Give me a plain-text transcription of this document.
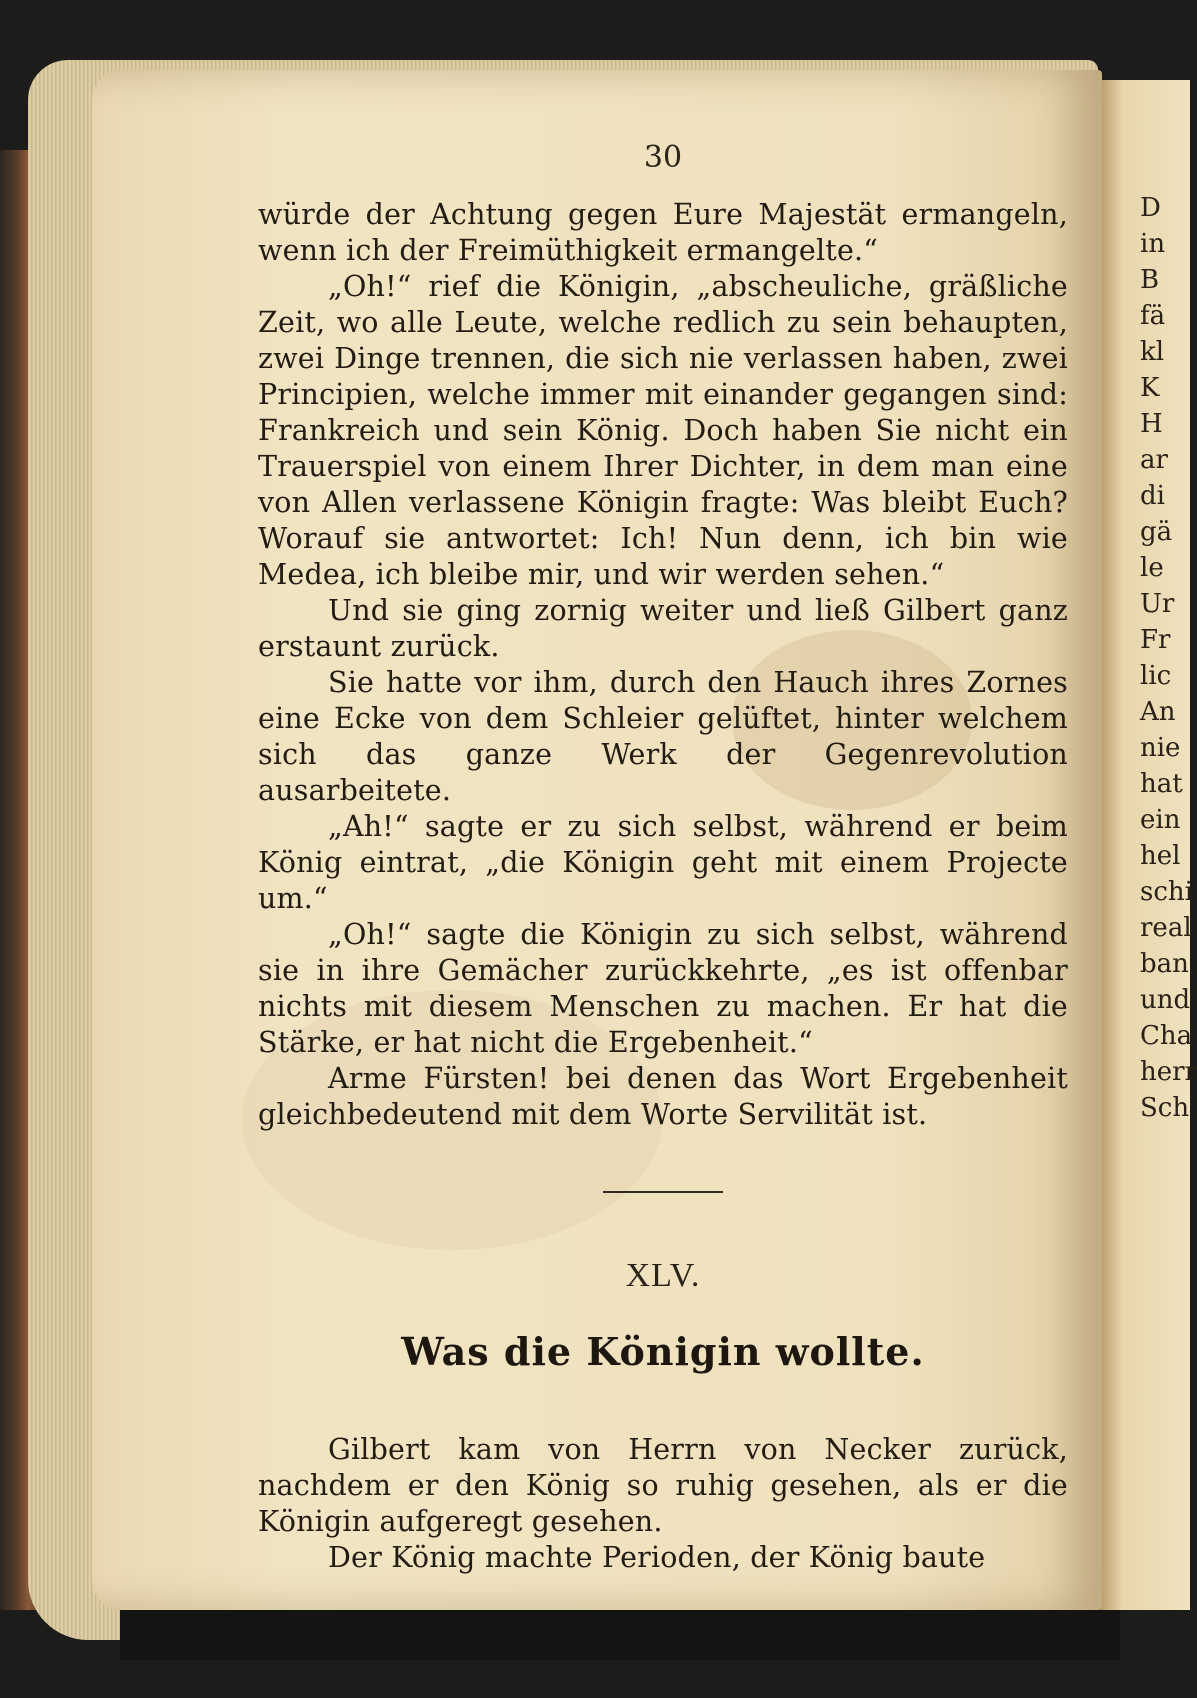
30

würde der Achtung gegen Eure Majestät ermangeln, wenn ich der Freimüthigkeit ermangelte.“

„Oh!“ rief die Königin, „abscheuliche, gräßliche Zeit, wo alle Leute, welche redlich zu sein behaupten, zwei Dinge trennen, die sich nie verlassen haben, zwei Principien, welche immer mit einander gegangen sind: Frankreich und sein König. Doch haben Sie nicht ein Trauerspiel von einem Ihrer Dichter, in dem man eine von Allen verlassene Königin fragte: Was bleibt Euch? Worauf sie antwortet: Ich! Nun denn, ich bin wie Medea, ich bleibe mir, und wir werden sehen.“

Und sie ging zornig weiter und ließ Gilbert ganz erstaunt zurück.

Sie hatte vor ihm, durch den Hauch ihres Zornes eine Ecke von dem Schleier gelüftet, hinter welchem sich das ganze Werk der Gegenrevolution ausarbeitete.

„Ah!“ sagte er zu sich selbst, während er beim König eintrat, „die Königin geht mit einem Projecte um.“

„Oh!“ sagte die Königin zu sich selbst, während sie in ihre Gemächer zurückkehrte, „es ist offenbar nichts mit diesem Menschen zu machen. Er hat die Stärke, er hat nicht die Ergebenheit.“

Arme Fürsten! bei denen das Wort Ergebenheit gleichbedeutend mit dem Worte Servilität ist.

XLV.
Was die Königin wollte.

Gilbert kam von Herrn von Necker zurück, nachdem er den König so ruhig gesehen, als er die Königin aufgeregt gesehen.

Der König machte Perioden, der König baute

D
in
B
fä
kl
K
H
ar
di
gä
le
Ur
Fr
lic
An
nie
hat
ein
hel
schi
real
ban
und
Cha
herr
Sch
